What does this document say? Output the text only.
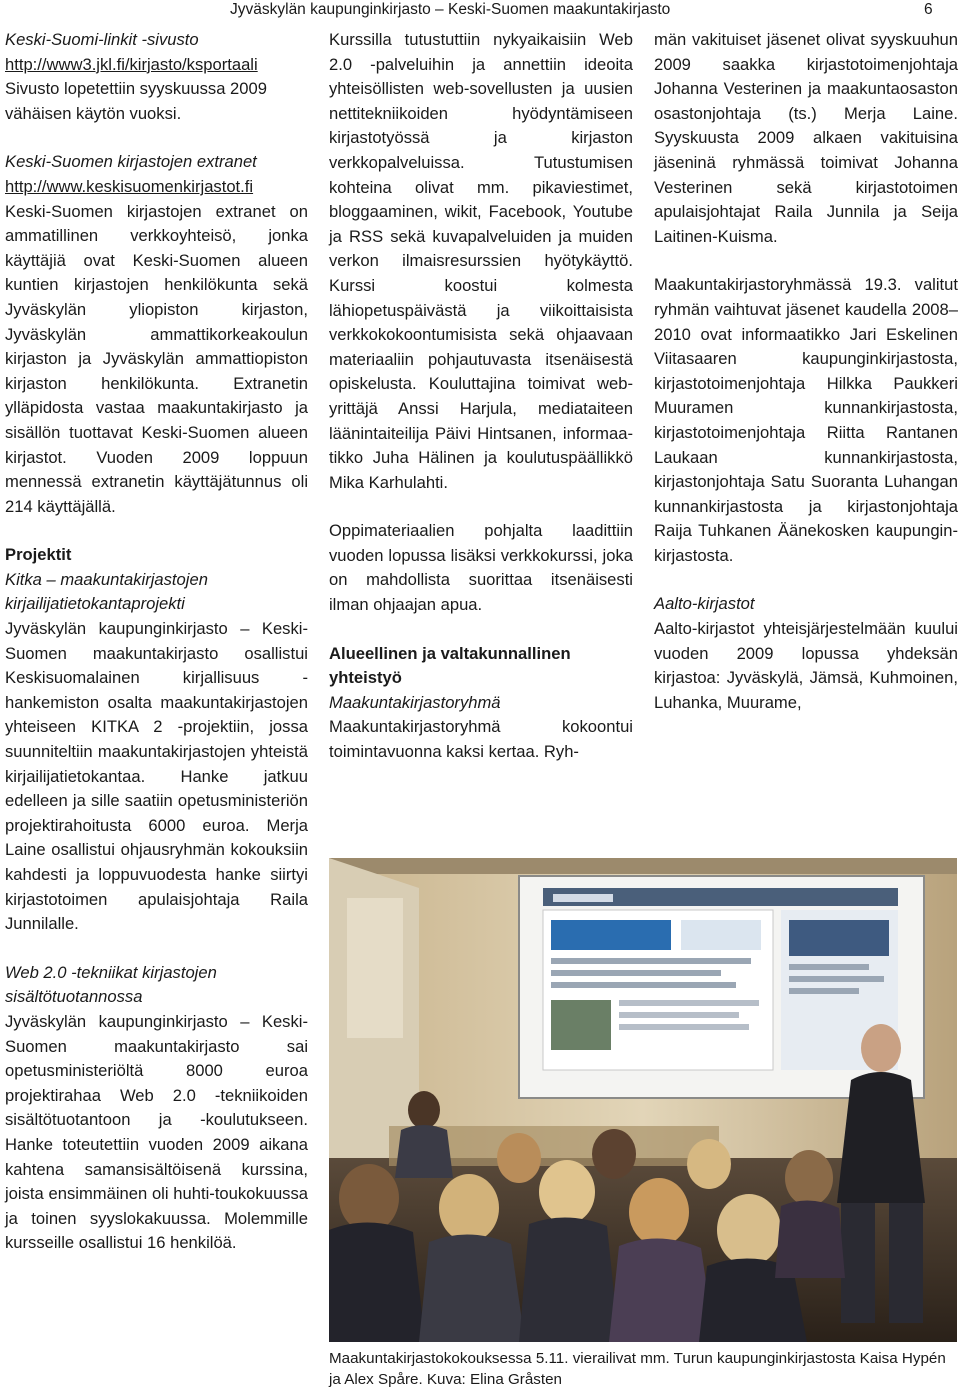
Jyväskylän kaupunginkirjasto – Keski-Suomen maakuntakirjasto	6

Keski-Suomi-linkit -sivusto

http://www3.jkl.fi/kirjasto/ksportaali

Sivusto lopetettiin syyskuussa 2009 vähäisen käytön vuoksi.

Keski-Suomen kirjastojen extranet

http://www.keskisuomenkirjastot.fi

Keski-Suomen kirjastojen extranet on ammatillinen verkkoyhteisö, jonka käyttäjiä ovat Keski-Suomen alueen kuntien kirjastojen henkilökunta sekä Jyväskylän yliopiston kirjaston, Jyväskylän ammattikorkeakoulun kirjaston ja Jyväskylän ammattiopiston kirjaston henkilökunta. Extranetin ylläpidosta vastaa maakuntakirjasto ja sisällön tuottavat Keski-Suomen alueen kirjastot. Vuoden 2009 loppuun mennessä extranetin käyttäjätunnus oli 214 käyttäjällä.

Projektit

Kitka – maakuntakirjastojen kirjailijatietokantaprojekti

Jyväskylän kaupunginkirjasto – Keski-Suomen maakuntakirjasto osallistui Keskisuomalainen kirjallisuus -hankemiston osalta maakuntakirjastojen yhteiseen KITKA 2 -projektiin, jossa suunniteltiin maakuntakirjastojen yhteistä kirjailijatietokantaa. Hanke jatkuu edelleen ja sille saatiin opetusministeriön projektirahoitusta 6000 euroa. Merja Laine osallistui ohjausryhmän kokouksiin kahdesti ja loppuvuodesta hanke siirtyi kirjastotoimen apulaisjohtaja Raila Junnilalle.

Web 2.0 -tekniikat kirjastojen sisältötuotannossa

Jyväskylän kaupunginkirjasto – Keski-Suomen maakuntakirjasto sai opetusministeriöltä 8000 euroa projektirahaa Web 2.0 -tekniikoiden sisältötuotantoon ja -koulutukseen. Hanke toteutettiin vuoden 2009 aikana kahtena samansisältöisenä kurssina, joista ensimmäinen oli huhti-toukokuussa ja toinen syyslokakuussa. Molemmille kursseille osallistui 16 henkilöä.

Kurssilla tutustuttiin nykyaikaisiin Web 2.0 -palveluihin ja annettiin ideoita yhteisöllisten web-sovellusten ja uusien nettitekniikoiden hyödyntämiseen kirjastotyössä ja kirjaston verkkopalveluissa. Tutustumisen kohteina olivat mm. pikaviestimet, bloggaaminen, wikit, Facebook, Youtube ja RSS sekä kuvapalveluiden ja muiden verkon ilmaisresurssien hyötykäyttö. Kurssi koostui kolmesta lähiopetuspäivästä ja viikoittaisista verkkokokoontumisista sekä ohjaavaan materiaaliin pohjautuvasta itsenäisestä opiskelusta. Kouluttajina toimivat web-yrittäjä Anssi Harjula, mediataiteen läänintaiteilija Päivi Hintsanen, informaatikko Juha Hälinen ja koulutuspäällikkö Mika Karhulahti.

Oppimateriaalien pohjalta laadittiin vuoden lopussa lisäksi verkkokurssi, joka on mahdollista suorittaa itsenäisesti ilman ohjaajan apua.

Alueellinen ja valtakunnallinen yhteistyö

Maakuntakirjastoryhmä

Maakuntakirjastoryhmä kokoontui toimintavuonna kaksi kertaa. Ryh-

män vakituiset jäsenet olivat syyskuuhun 2009 saakka kirjastotoimenjohtaja Johanna Vesterinen ja maakuntaosaston osastonjohtaja (ts.) Merja Laine. Syyskuusta 2009 alkaen vakituisina jäseninä ryhmässä toimivat Johanna Vesterinen sekä kirjastotoimen apulaisjohtajat Raila Junnila ja Seija Laitinen-Kuisma.

Maakuntakirjastoryhmässä 19.3. valitut ryhmän vaihtuvat jäsenet kaudella 2008–2010 ovat informaatikko Jari Eskelinen Viitasaaren kaupunginkirjastosta, kirjastotoimenjohtaja Hilkka Paukkeri Muuramen kunnankirjastosta, kirjastotoimenjohtaja Riitta Rantanen Laukaan kunnankirjastosta, kirjastonjohtaja Satu Suoranta Luhangan kunnankirjastosta ja kirjastonjohtaja Raija Tuhkanen Äänekosken kaupunginkirjastosta.

Aalto-kirjastot

Aalto-kirjastot yhteisjärjestelmään kuului vuoden 2009 lopussa yhdeksän kirjastoa: Jyväskylä, Jämsä, Kuhmoinen, Luhanka, Muurame,

Maakuntakirjastokokouksessa 5.11. vierailivat mm. Turun kaupunginkirjastosta Kaisa Hypén ja Alex Spåre. Kuva: Elina Gråsten
